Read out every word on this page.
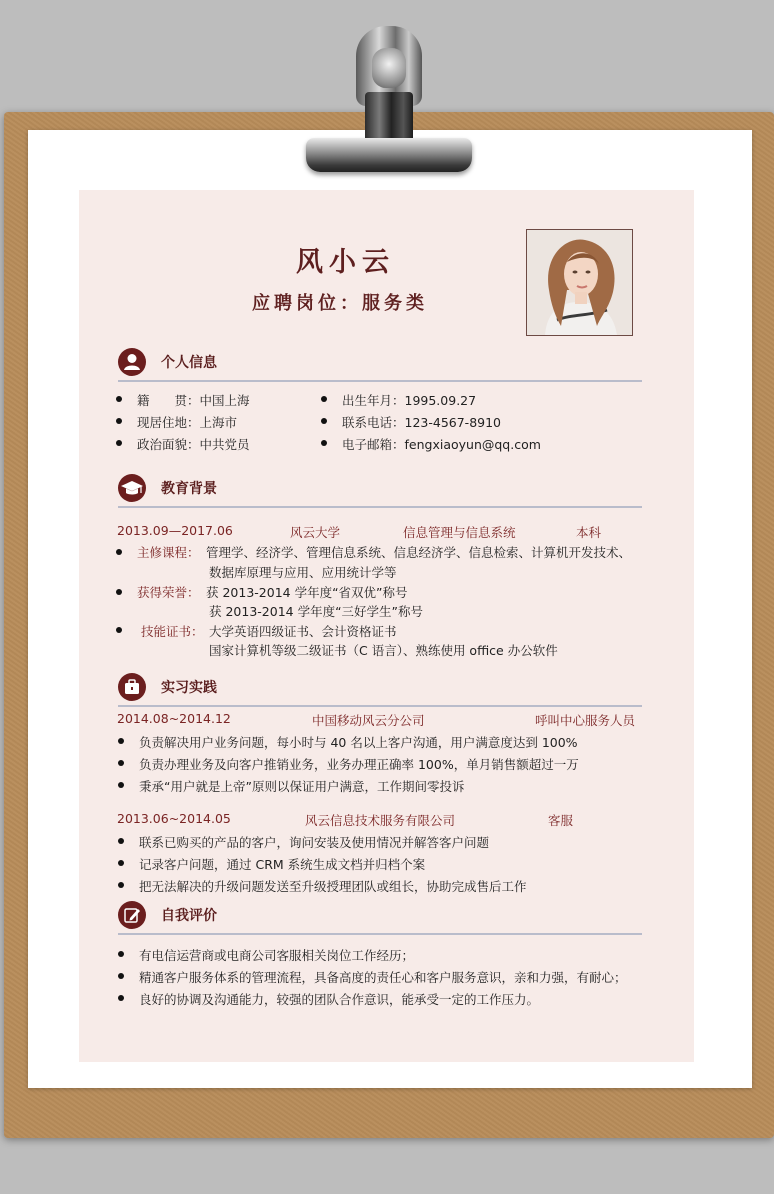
风小云
应聘岗位：服务类
个人信息
籍　　贯：中国上海
现居住地：上海市
政治面貌：中共党员
出生年月：1995.09.27
联系电话：123-4567-8910
电子邮箱：fengxiaoyun@qq.com
教育背景
2013.09—2017.06	风云大学	信息管理与信息系统	本科
主修课程： 管理学、经济学、管理信息系统、信息经济学、信息检索、计算机开发技术、
数据库原理与应用、应用统计学等
获得荣誉： 获 2013-2014 学年度“省双优”称号
获 2013-2014 学年度“三好学生”称号
技能证书： 大学英语四级证书、会计资格证书
国家计算机等级二级证书（C 语言）、熟练使用 office 办公软件
实习实践
2014.08~2014.12	中国移动风云分公司	呼叫中心服务人员
负责解决用户业务问题，每小时与 40 名以上客户沟通，用户满意度达到 100%
负责办理业务及向客户推销业务，业务办理正确率 100%，单月销售额超过一万
秉承“用户就是上帝”原则以保证用户满意，工作期间零投诉
2013.06~2014.05	风云信息技术服务有限公司	客服
联系已购买的产品的客户，询问安装及使用情况并解答客户问题
记录客户问题，通过 CRM 系统生成文档并归档个案
把无法解决的升级问题发送至升级授理团队或组长，协助完成售后工作
自我评价
有电信运营商或电商公司客服相关岗位工作经历；
精通客户服务体系的管理流程，具备高度的责任心和客户服务意识，亲和力强，有耐心；
良好的协调及沟通能力，较强的团队合作意识，能承受一定的工作压力。
